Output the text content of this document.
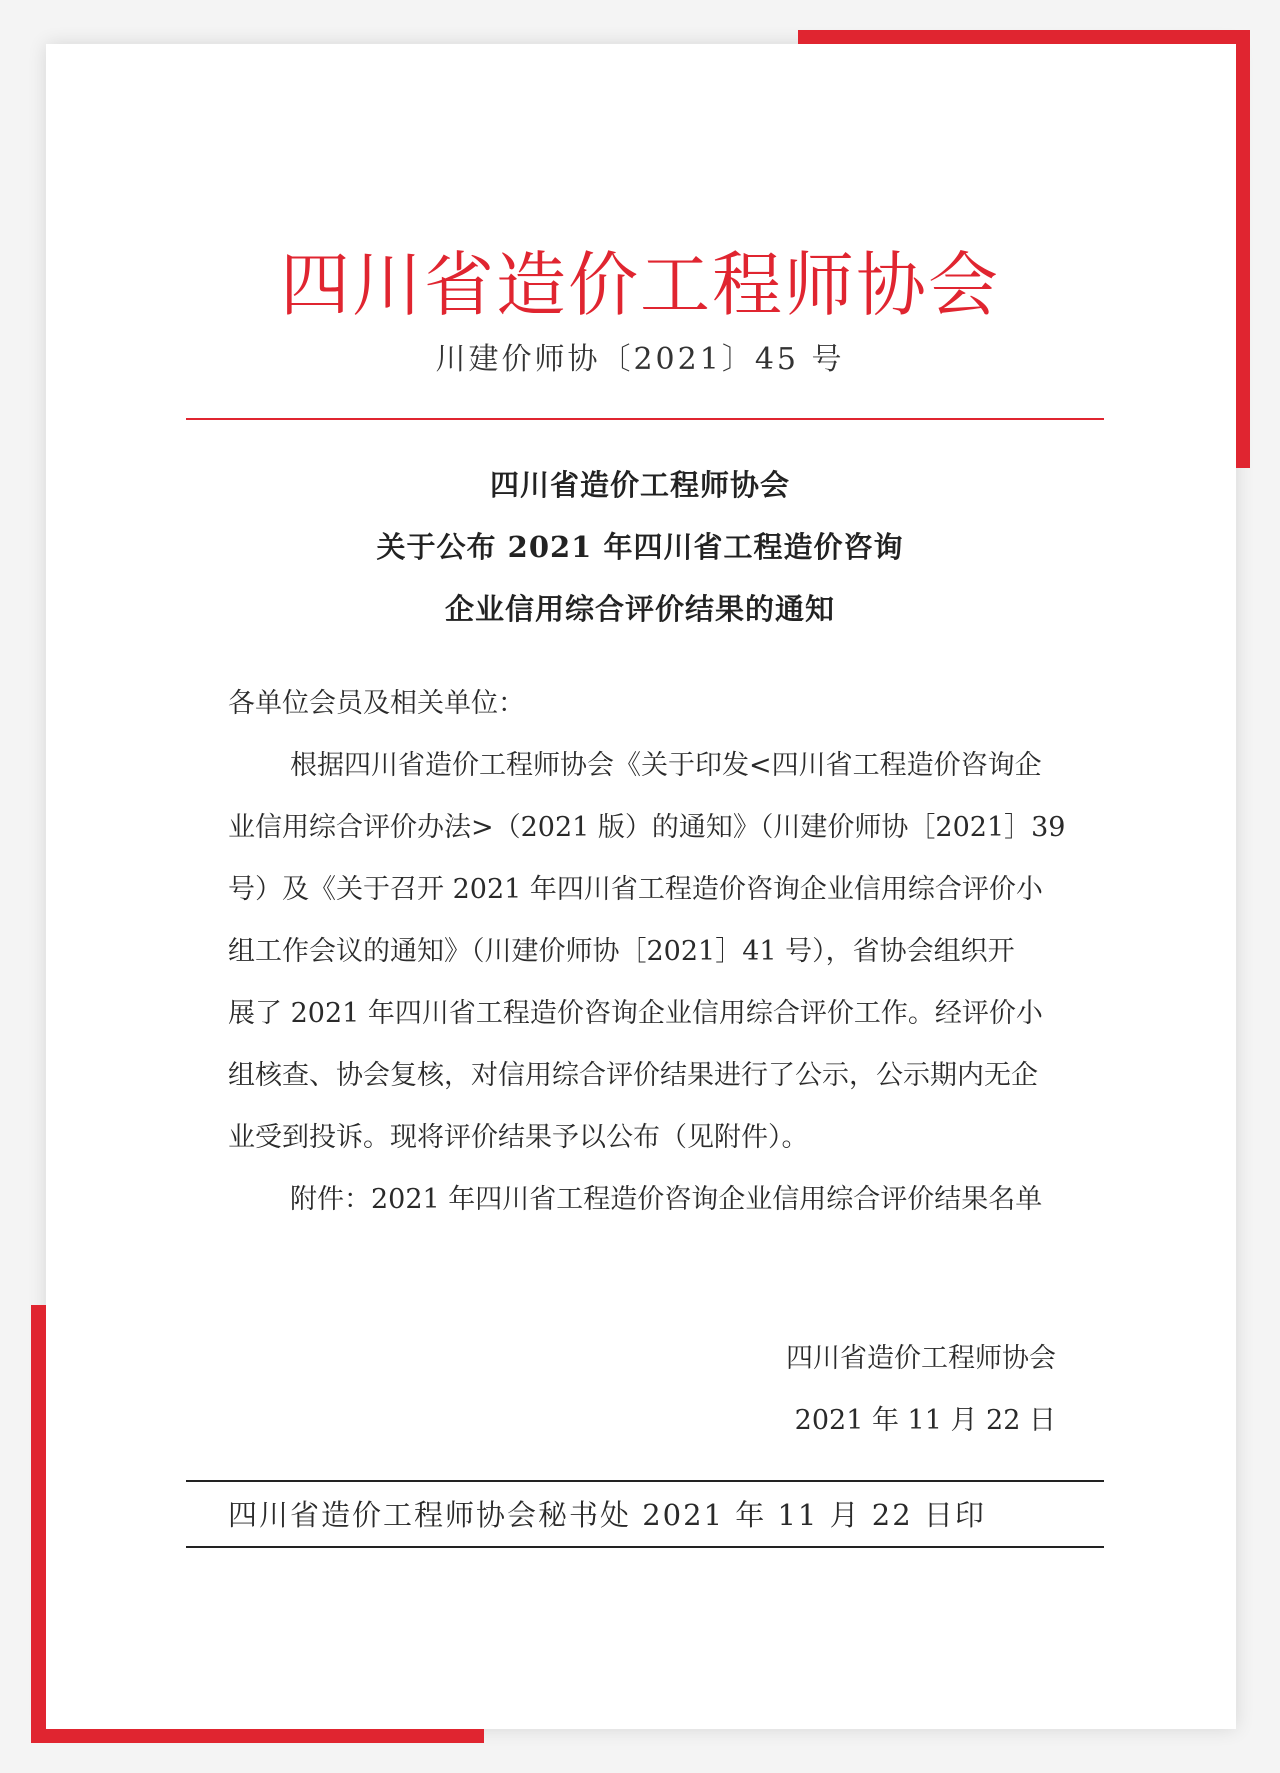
四川省造价工程师协会
川建价师协〔2021〕45 号
四川省造价工程师协会
关于公布 2021 年四川省工程造价咨询
企业信用综合评价结果的通知
各单位会员及相关单位：
根据四川省造价工程师协会《关于印发<四川省工程造价咨询企
业信用综合评价办法>（2021 版）的通知》（川建价师协［2021］39
号）及《关于召开 2021 年四川省工程造价咨询企业信用综合评价小
组工作会议的通知》（川建价师协［2021］41 号），省协会组织开
展了 2021 年四川省工程造价咨询企业信用综合评价工作。经评价小
组核查、协会复核，对信用综合评价结果进行了公示，公示期内无企
业受到投诉。现将评价结果予以公布（见附件）。
附件：2021 年四川省工程造价咨询企业信用综合评价结果名单
四川省造价工程师协会
2021 年 11 月 22 日
四川省造价工程师协会秘书处 2021 年 11 月 22 日印
